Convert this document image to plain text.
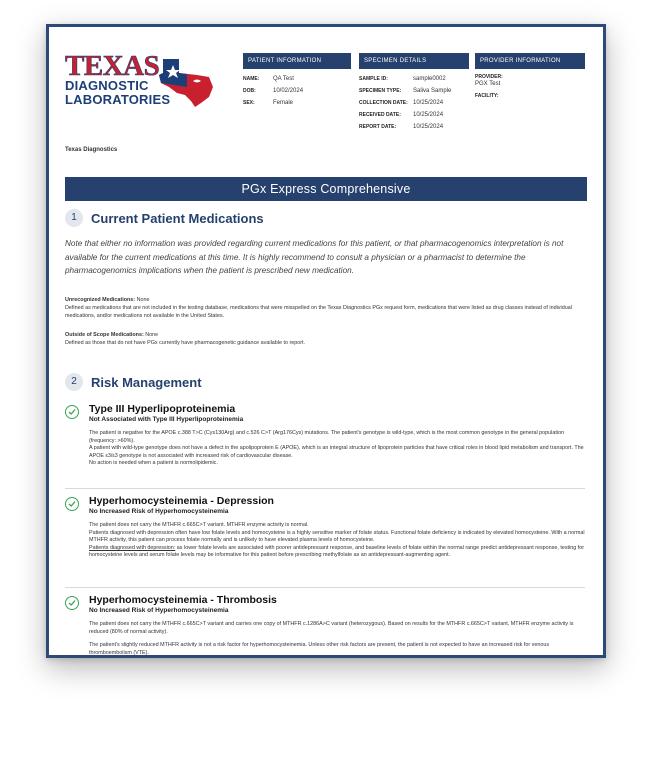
TEXAS
DIAGNOSTIC
LABORATORIES
Texas Diagnostics
PATIENT INFORMATION
NAME:	QA Test
DOB:	10/02/2024
SEX:	Female
SPECIMEN DETAILS
SAMPLE ID:	sample0002
SPECIMEN TYPE:	Saliva Sample
COLLECTION DATE: 10/25/2024
RECEIVED DATE:	10/25/2024
REPORT DATE:	10/25/2024
PROVIDER INFORMATION
PROVIDER:
PGX Test
FACILITY:
PGx Express Comprehensive
1	Current Patient Medications
Note that either no information was provided regarding current medications for this patient, or that pharmacogenomics interpretation is not available for the current medications at this time. It is highly recommend to consult a physician or a pharmacist to determine the pharmacogenomics implications when the patient is prescribed new medication.
Unrecognized Medications: None
Defined as medications that are not included in the testing database, medications that were misspelled on the Texas Diagnostics PGx request form, medications that were listed as drug classes instead of individual medications, and/or medications not available in the United States.
Outside of Scope Medications: None
Defined as those that do not have PGx currently have pharmacogenetic guidance available to report.
2	Risk Management
Type III Hyperlipoproteinemia
Not Associated with Type III Hyperlipoproteinemia

The patient is negative for the APOE c.388 T>C (Cys130Arg) and c.526 C>T (Arg176Cys) mutations. The patient's genotype is wild-type, which is the most common genotype in the general population (frequency: >60%).

A patient with wild-type genotype does not have a defect in the apolipoprotein E (APOE), which is an integral structure of lipoprotein particles that have critical roles in blood lipid metabolism and transport. The APOE ε3/ε3 genotype is not associated with increased risk of cardiovascular disease.

No action is needed when a patient is normolipidemic.

Hyperhomocysteinemia - Depression
No Increased Risk of Hyperhomocysteinemia

The patient does not carry the MTHFR c.665C>T variant. MTHFR enzyme activity is normal.

Patients diagnosed with depression often have low folate levels and homocysteine is a highly sensitive marker of folate status. Functional folate deficiency is indicated by elevated homocysteine. With a normal MTHFR activity, this patient can process folate normally and is unlikely to have elevated plasma levels of homocysteine.

Patients diagnosed with depression: as lower folate levels are associated with poorer antidepressant response, and baseline levels of folate within the normal range predict antidepressant response, testing for homocysteine levels and serum folate levels may be informative for this patient before prescribing methylfolate as an antidepressant-augmenting agent.

Hyperhomocysteinemia - Thrombosis
No Increased Risk of Hyperhomocysteinemia

The patient does not carry the MTHFR c.665C>T variant and carries one copy of MTHFR c.1286A>C variant (heterozygous). Based on results for the MTHFR c.665C>T variant, MTHFR enzyme activity is reduced (80% of normal activity).

The patient's slightly reduced MTHFR activity is not a risk factor for hyperhomocysteinemia. Unless other risk factors are present, the patient is not expected to have an increased risk for venous thromboembolism (VTE).
